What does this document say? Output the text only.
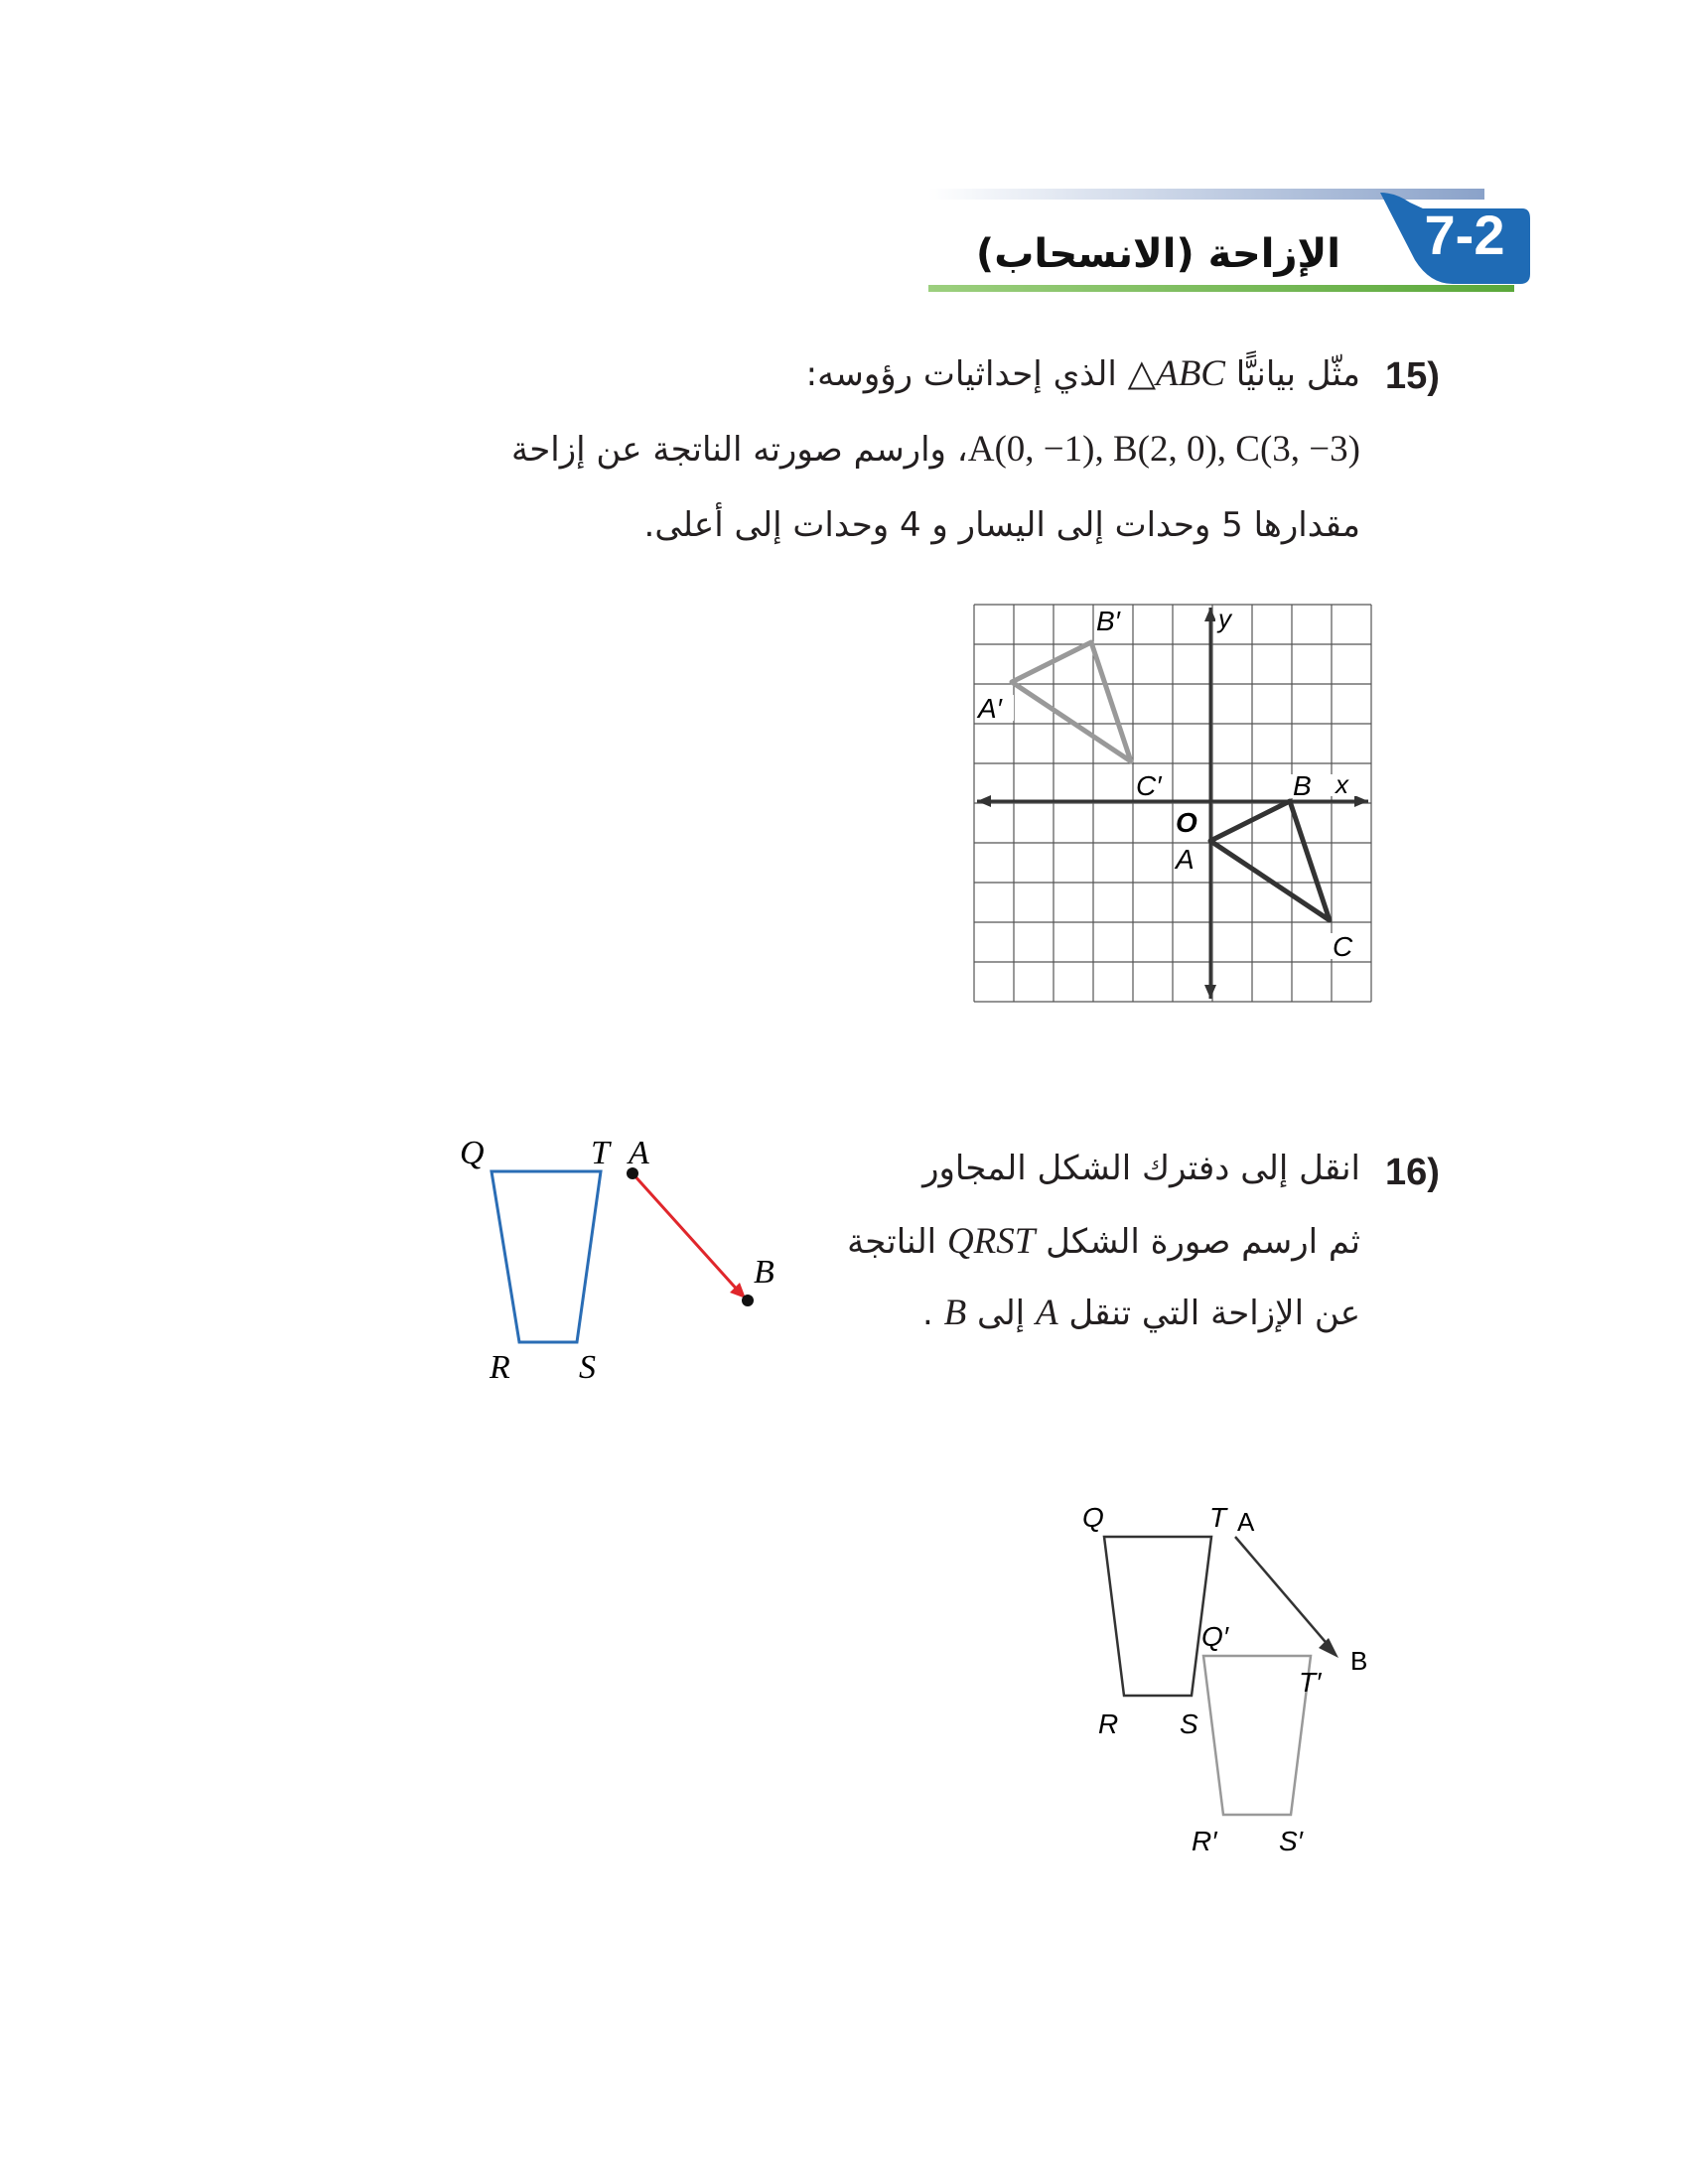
7-2
الإزاحة (الانسحاب)
15)
مثّل بيانيًّا △ABC الذي إحداثيات رؤوسه:
A(0, −1), B(2, 0), C(3, −3)، وارسم صورته الناتجة عن إزاحة
مقدارها 5 وحدات إلى اليسار و 4 وحدات إلى أعلى.
x
y
O
A
B
C
A′
B′
C′
16)
انقل إلى دفترك الشكل المجاور
ثم ارسم صورة الشكل QRST الناتجة
عن الإزاحة التي تنقل A إلى B .
Q	T A
B
R S
Q	T A
B
Q′
T′
R S
R′ S′
